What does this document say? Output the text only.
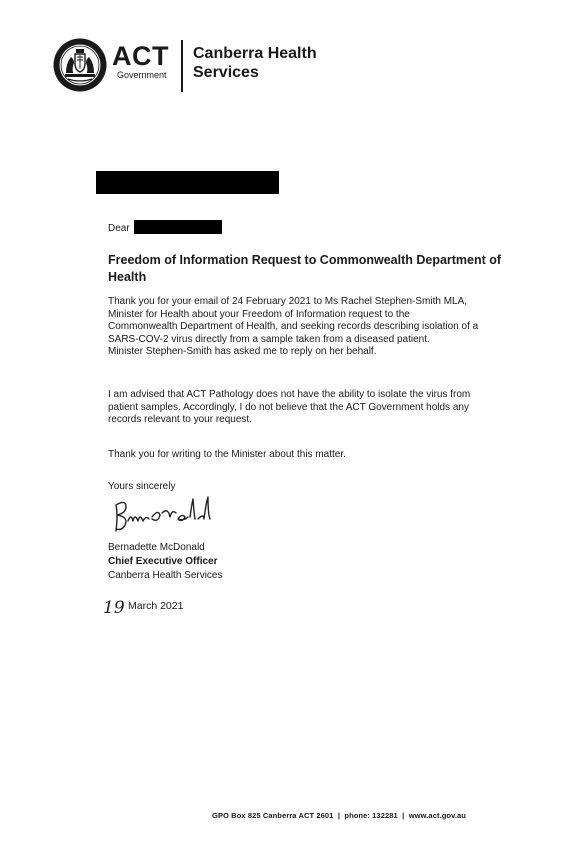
ACT
Government
Canberra Health Services
Dear
Freedom of Information Request to Commonwealth Department of Health
Thank you for your email of 24 February 2021 to Ms Rachel Stephen-Smith MLA,
Minister for Health about your Freedom of Information request to the
Commonwealth Department of Health, and seeking records describing isolation of a
SARS-COV-2 virus directly from a sample taken from a diseased patient.
Minister Stephen-Smith has asked me to reply on her behalf.
I am advised that ACT Pathology does not have the ability to isolate the virus from
patient samples. Accordingly, I do not believe that the ACT Government holds any
records relevant to your request.
Thank you for writing to the Minister about this matter.
Yours sincerely
Bernadette McDonald
Chief Executive Officer
Canberra Health Services
19 March 2021
GPO Box 825 Canberra ACT 2601  |  phone: 132281  |  www.act.gov.au
